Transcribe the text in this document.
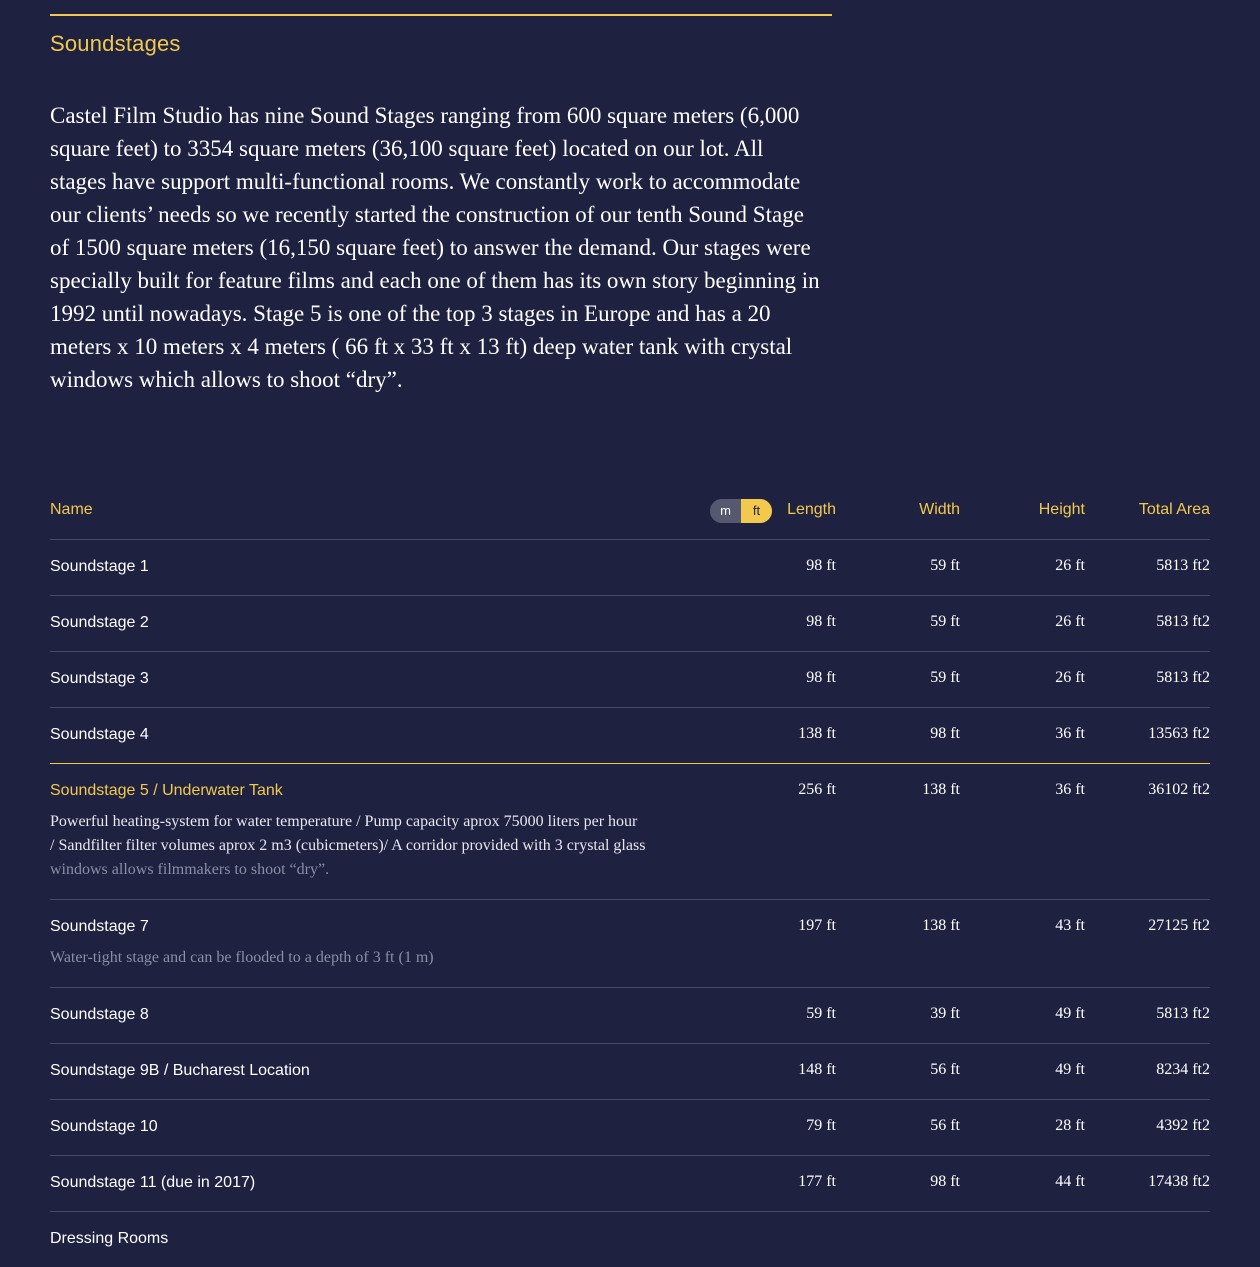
Soundstages

Castel Film Studio has nine Sound Stages ranging from 600 square meters (6,000 square feet) to 3354 square meters (36,100 square feet) located on our lot. All stages have support multi-functional rooms. We constantly work to accommodate our clients’ needs so we recently started the construction of our tenth Sound Stage of 1500 square meters (16,150 square feet) to answer the demand. Our stages were specially built for feature films and each one of them has its own story beginning in 1992 until nowadays. Stage 5 is one of the top 3 stages in Europe and has a 20 meters x 10 meters x 4 meters ( 66 ft x 33 ft x 13 ft) deep water tank with crystal windows which allows to shoot “dry”.

Name	m	ft	Length	Width	Height	Total Area
Soundstage 1	98 ft	59 ft	26 ft	5813 ft2
Soundstage 2	98 ft	59 ft	26 ft	5813 ft2
Soundstage 3	98 ft	59 ft	26 ft	5813 ft2
Soundstage 4	138 ft	98 ft	36 ft	13563 ft2
Soundstage 5 / Underwater Tank	256 ft	138 ft	36 ft	36102 ft2
Powerful heating-system for water temperature / Pump capacity aprox 75000 liters per hour
/ Sandfilter filter volumes aprox 2 m3 (cubicmeters)/ A corridor provided with 3 crystal glass
windows allows filmmakers to shoot “dry”.
Soundstage 7	197 ft	138 ft	43 ft	27125 ft2
Water-tight stage and can be flooded to a depth of 3 ft (1 m)
Soundstage 8	59 ft	39 ft	49 ft	5813 ft2
Soundstage 9B / Bucharest Location	148 ft	56 ft	49 ft	8234 ft2
Soundstage 10	79 ft	56 ft	28 ft	4392 ft2
Soundstage 11 (due in 2017)	177 ft	98 ft	44 ft	17438 ft2
Dressing Rooms
